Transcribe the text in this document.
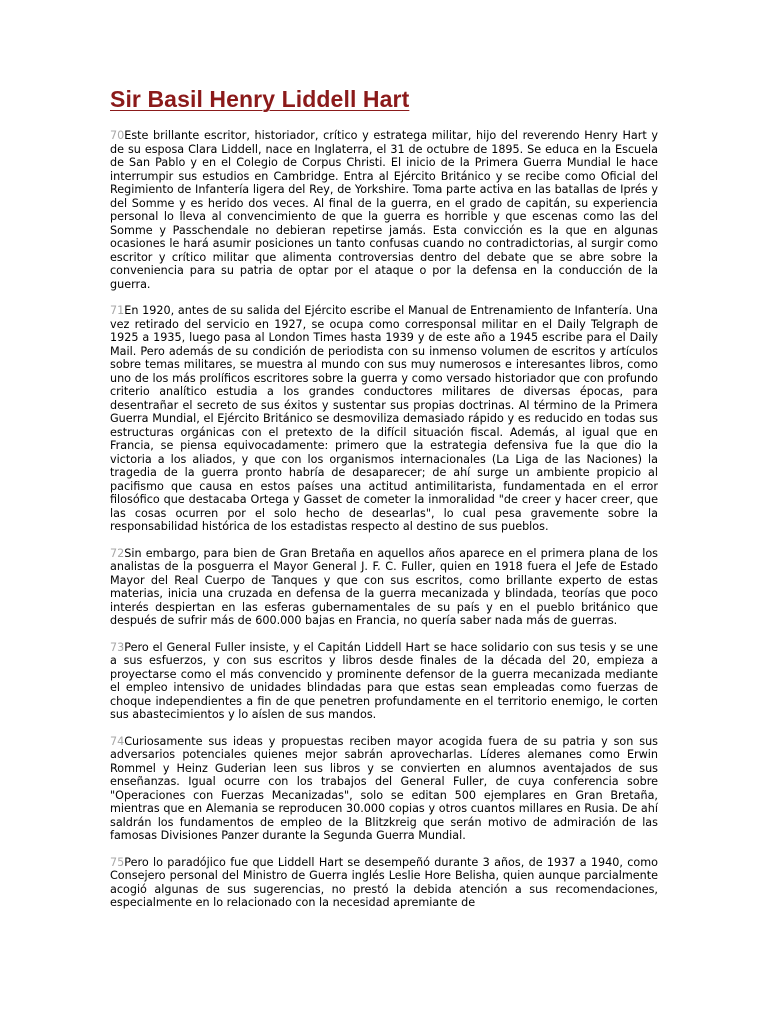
Sir Basil Henry Liddell Hart

70Este brillante escritor, historiador, crítico y estratega militar, hijo del reverendo Henry Hart y de su esposa Clara Liddell, nace en Inglaterra, el 31 de octubre de 1895. Se educa en la Escuela de San Pablo y en el Colegio de Corpus Christi. El inicio de la Primera Guerra Mundial le hace interrumpir sus estudios en Cambridge. Entra al Ejército Británico y se recibe como Oficial del Regimiento de Infantería ligera del Rey, de Yorkshire. Toma parte activa en las batallas de Iprés y del Somme y es herido dos veces. Al final de la guerra, en el grado de capitán, su experiencia personal lo lleva al convencimiento de que la guerra es horrible y que escenas como las del Somme y Passchendale no debieran repetirse jamás. Esta convicción es la que en algunas ocasiones le hará asumir posiciones un tanto confusas cuando no contradictorias, al surgir como escritor y crítico militar que alimenta controversias dentro del debate que se abre sobre la conveniencia para su patria de optar por el ataque o por la defensa en la conducción de la guerra.

71En 1920, antes de su salida del Ejército escribe el Manual de Entrenamiento de Infantería. Una vez retirado del servicio en 1927, se ocupa como corresponsal militar en el Daily Telgraph de 1925 a 1935, luego pasa al London Times hasta 1939 y de este año a 1945 escribe para el Daily Mail. Pero además de su condición de periodista con su inmenso volumen de escritos y artículos sobre temas militares, se muestra al mundo con sus muy numerosos e interesantes libros, como uno de los más prolíficos escritores sobre la guerra y como versado historiador que con profundo criterio analítico estudia a los grandes conductores militares de diversas épocas, para desentrañar el secreto de sus éxitos y sustentar sus propias doctrinas. Al término de la Primera Guerra Mundial, el Ejército Británico se desmoviliza demasiado rápido y es reducido en todas sus estructuras orgánicas con el pretexto de la difícil situación fiscal. Además, al igual que en Francia, se piensa equivocadamente: primero que la estrategia defensiva fue la que dio la victoria a los aliados, y que con los organismos internacionales (La Liga de las Naciones) la tragedia de la guerra pronto habría de desaparecer; de ahí surge un ambiente propicio al pacifismo que causa en estos países una actitud antimilitarista, fundamentada en el error filosófico que destacaba Ortega y Gasset de cometer la inmoralidad "de creer y hacer creer, que las cosas ocurren por el solo hecho de desearlas", lo cual pesa gravemente sobre la responsabilidad histórica de los estadistas respecto al destino de sus pueblos.

72Sin embargo, para bien de Gran Bretaña en aquellos años aparece en el primera plana de los analistas de la posguerra el Mayor General J. F. C. Fuller, quien en 1918 fuera el Jefe de Estado Mayor del Real Cuerpo de Tanques y que con sus escritos, como brillante experto de estas materias, inicia una cruzada en defensa de la guerra mecanizada y blindada, teorías que poco interés despiertan en las esferas gubernamentales de su país y en el pueblo británico que después de sufrir más de 600.000 bajas en Francia, no quería saber nada más de guerras.

73Pero el General Fuller insiste, y el Capitán Liddell Hart se hace solidario con sus tesis y se une a sus esfuerzos, y con sus escritos y libros desde finales de la década del 20, empieza a proyectarse como el más convencido y prominente defensor de la guerra mecanizada mediante el empleo intensivo de unidades blindadas para que estas sean empleadas como fuerzas de choque independientes a fin de que penetren profundamente en el territorio enemigo, le corten sus abastecimientos y lo aíslen de sus mandos.

74Curiosamente sus ideas y propuestas reciben mayor acogida fuera de su patria y son sus adversarios potenciales quienes mejor sabrán aprovecharlas. Líderes alemanes como Erwin Rommel y Heinz Guderian leen sus libros y se convierten en alumnos aventajados de sus enseñanzas. Igual ocurre con los trabajos del General Fuller, de cuya conferencia sobre "Operaciones con Fuerzas Mecanizadas", solo se editan 500 ejemplares en Gran Bretaña, mientras que en Alemania se reproducen 30.000 copias y otros cuantos millares en Rusia. De ahí saldrán los fundamentos de empleo de la Blitzkreig que serán motivo de admiración de las famosas Divisiones Panzer durante la Segunda Guerra Mundial.

75Pero lo paradójico fue que Liddell Hart se desempeñó durante 3 años, de 1937 a 1940, como Consejero personal del Ministro de Guerra inglés Leslie Hore Belisha, quien aunque parcialmente acogió algunas de sus sugerencias, no prestó la debida atención a sus recomendaciones, especialmente en lo relacionado con la necesidad apremiante de
